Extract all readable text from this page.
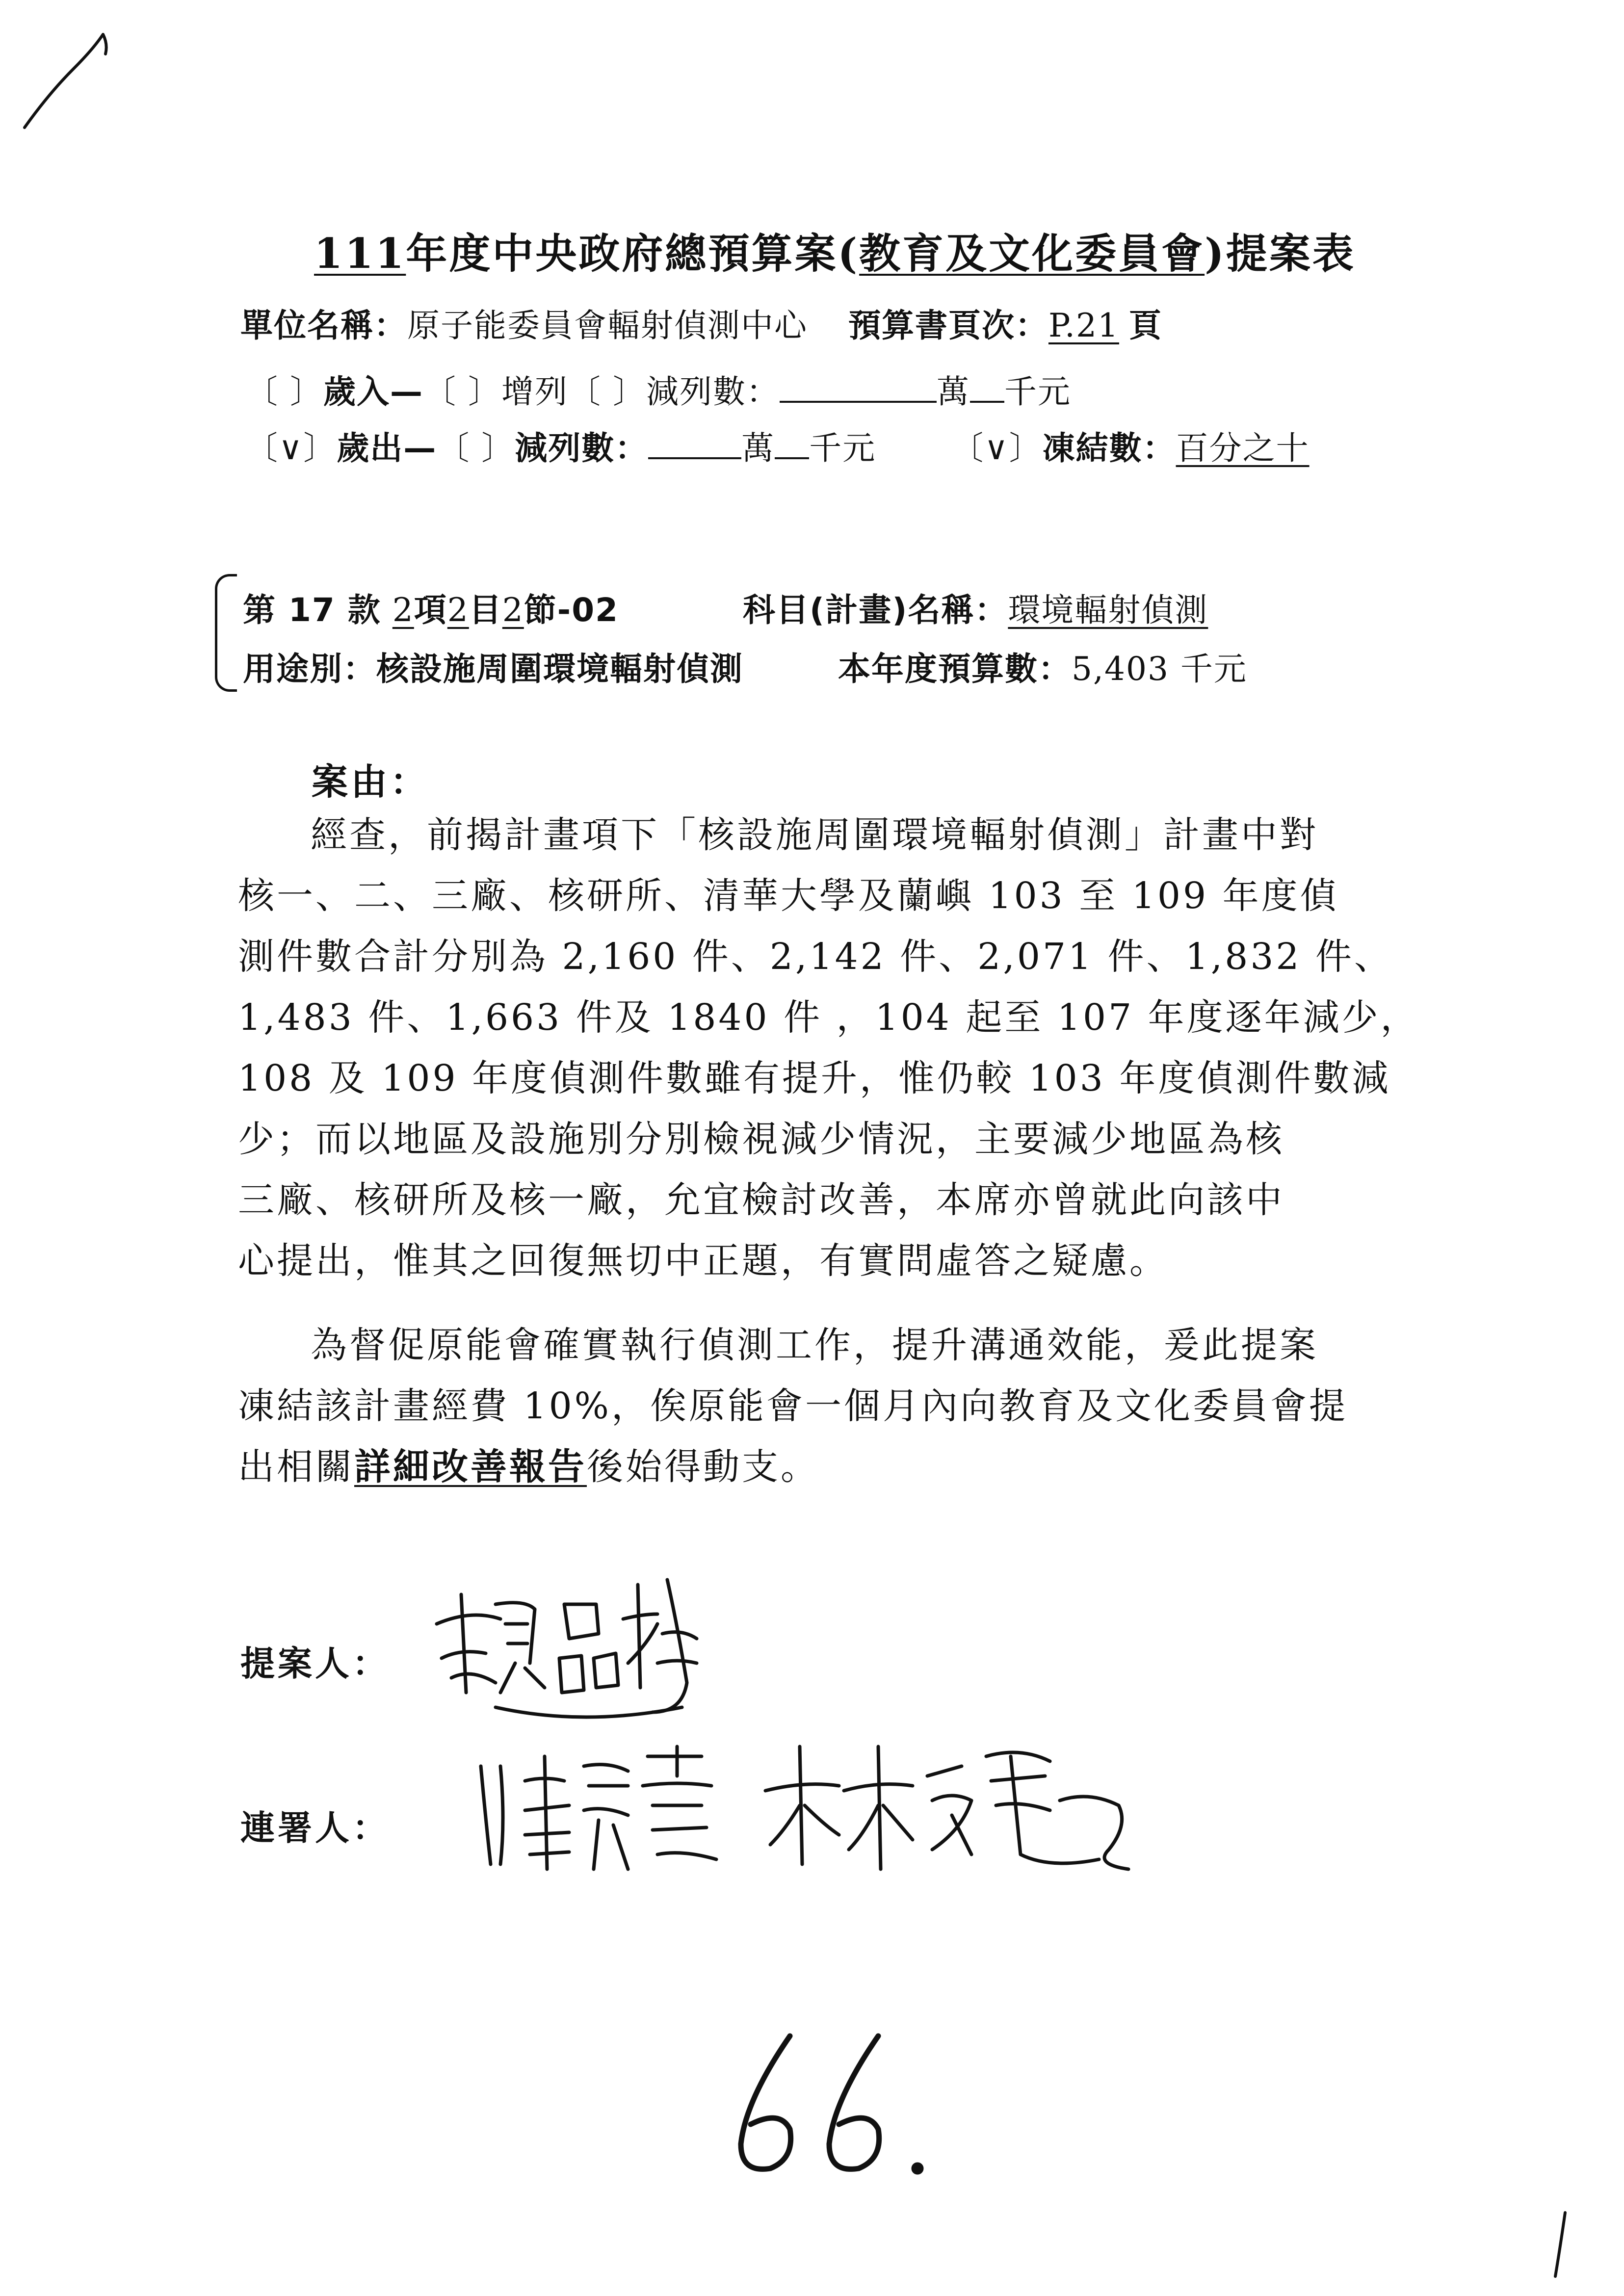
111年度中央政府總預算案(教育及文化委員會)提案表
單位名稱：原子能委員會輻射偵測中心 預算書頁次：P.21 頁
〔 〕歲入—〔 〕增列〔 〕減列數：	萬 千元
〔∨〕歲出—〔 〕減列數：	萬 千元 〔∨〕凍結數：百分之十
第 17 款 2項2目2節-02	科目(計畫)名稱：環境輻射偵測
用途別：核設施周圍環境輻射偵測	本年度預算數：5,403 千元
案由：
經查，前揭計畫項下「核設施周圍環境輻射偵測」計畫中對
核一、二、三廠、核研所、清華大學及蘭嶼 103 至 109 年度偵
測件數合計分別為 2,160 件、2,142 件、2,071 件、1,832 件、
1,483 件、1,663 件及 1840 件 ，104 起至 107 年度逐年減少，
108 及 109 年度偵測件數雖有提升，惟仍較 103 年度偵測件數減
少；而以地區及設施別分別檢視減少情況，主要減少地區為核
三廠、核研所及核一廠，允宜檢討改善，本席亦曾就此向該中
心提出，惟其之回復無切中正題，有實問虛答之疑慮。
為督促原能會確實執行偵測工作，提升溝通效能，爰此提案
凍結該計畫經費 10%，俟原能會一個月內向教育及文化委員會提
出相關詳細改善報告後始得動支。
提案人：
連署人：
